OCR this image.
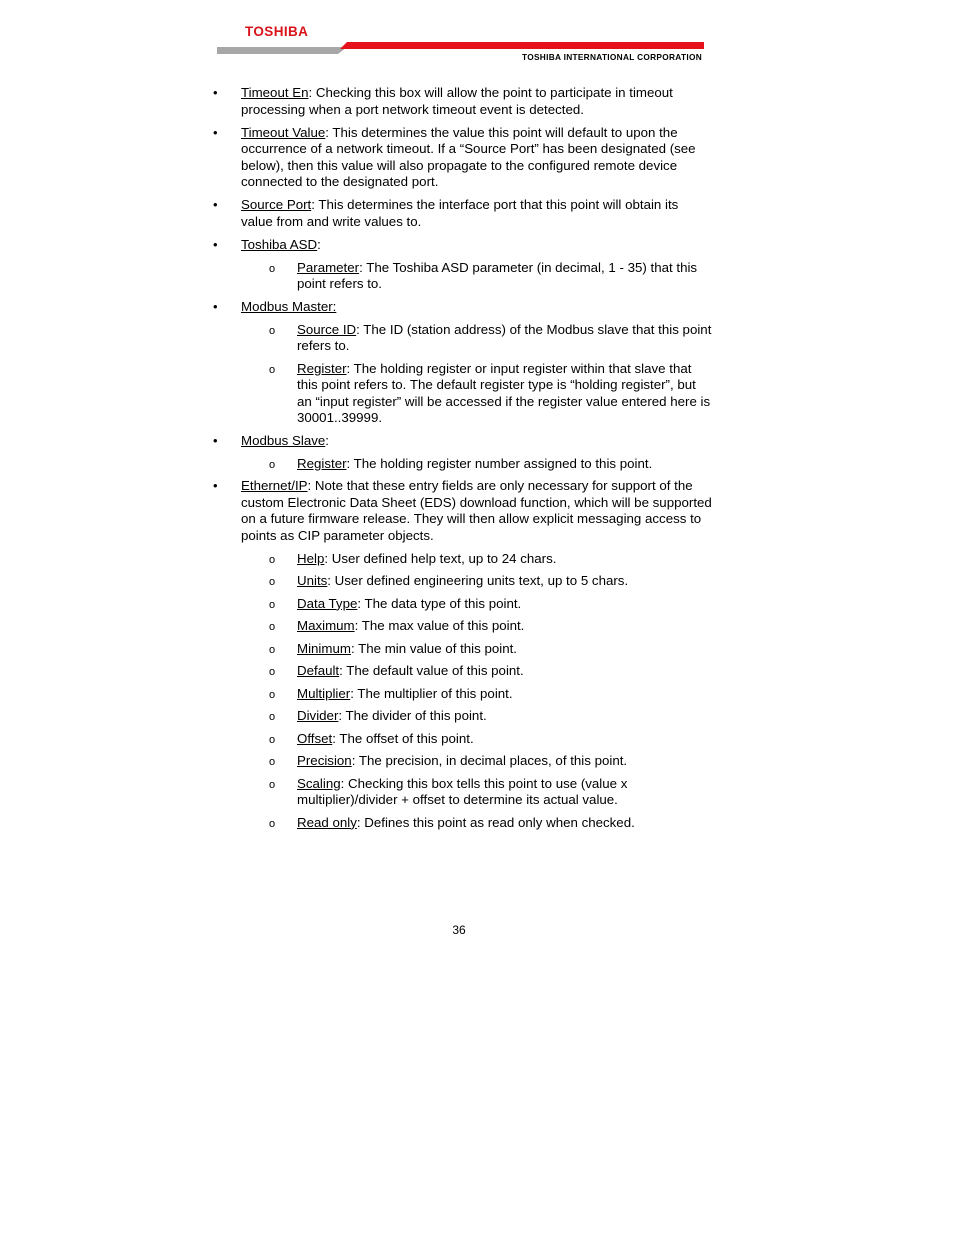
TOSHIBA
TOSHIBA INTERNATIONAL CORPORATION
• Timeout En: Checking this box will allow the point to participate in timeout processing when a port network timeout event is detected.
• Timeout Value: This determines the value this point will default to upon the occurrence of a network timeout. If a “Source Port” has been designated (see below), then this value will also propagate to the configured remote device connected to the designated port.
• Source Port: This determines the interface port that this point will obtain its value from and write values to.
• Toshiba ASD:
o Parameter: The Toshiba ASD parameter (in decimal, 1 - 35) that this point refers to.
• Modbus Master:
o Source ID: The ID (station address) of the Modbus slave that this point refers to.
o Register: The holding register or input register within that slave that this point refers to. The default register type is “holding register”, but an “input register” will be accessed if the register value entered here is 30001..39999.
• Modbus Slave:
o Register: The holding register number assigned to this point.
• Ethernet/IP: Note that these entry fields are only necessary for support of the custom Electronic Data Sheet (EDS) download function, which will be supported on a future firmware release. They will then allow explicit messaging access to points as CIP parameter objects.
o Help: User defined help text, up to 24 chars.
o Units: User defined engineering units text, up to 5 chars.
o Data Type: The data type of this point.
o Maximum: The max value of this point.
o Minimum: The min value of this point.
o Default: The default value of this point.
o Multiplier: The multiplier of this point.
o Divider: The divider of this point.
o Offset: The offset of this point.
o Precision: The precision, in decimal places, of this point.
o Scaling: Checking this box tells this point to use (value x multiplier)/divider + offset to determine its actual value.
o Read only: Defines this point as read only when checked.
36
